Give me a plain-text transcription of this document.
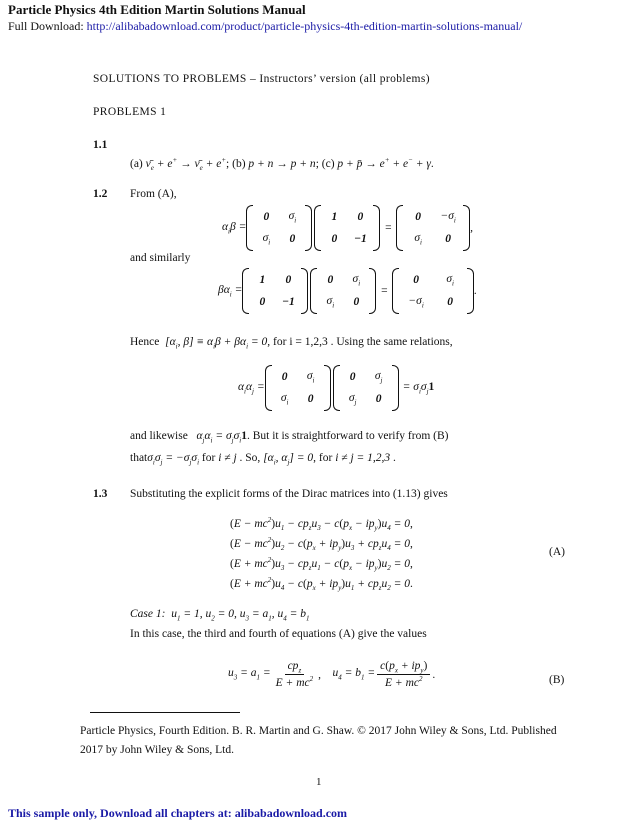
Particle Physics 4th Edition Martin Solutions Manual
Full Download: http://alibabadownload.com/product/particle-physics-4th-edition-martin-solutions-manual/
SOLUTIONS TO PROBLEMS – Instructors’ version (all problems)
PROBLEMS 1
1.1
(a) $\nū_e + e^+$ → $\nū_e + e^+$; (b) p + n → p + n; (c) p + p̄ → e+ + e− + γ.
1.2 From (A),
$\alpha_i\beta$ =
0	$\sigma_i$
$\sigma_i$	0
1	0
0	−1
=
0	$-\sigma_i$
$\sigma_i$	0
,
and similarly
$\beta\alpha_i$ =
1	0
0	−1
0	$\sigma_i$
$\sigma_i$	0
=
0	$\sigma_i$
$-\sigma_i$	0
.
Hence  [$\alpha_i$, $\beta] \equiv \alpha_i\beta + \beta\alpha_i = 0$, for i = 1,2,3 . Using the same relations,
$\alpha_i\alpha_j$ =
0	$\sigma_i$
$\sigma_i$	0
0	$\sigma_j$
$\sigma_j$	0
= $\sigma_i\sigma_j1$
and likewise   $\alpha_j\alpha_i = \sigma_j\sigma_i1$. But it is straightforward to verify from (B)
$that\sigma_i\sigma_j = -\sigma_j\sigma_i$ for i ≠ j . So, [$\alpha_i$, $\alpha_j] = 0$, for i ≠ j = 1,2,3 .
1.3 Substituting the explicit forms of the Dirac matrices into (1.13) gives
$(E - mc^2)u_1 - cp_zu_3 - c(p_x - ip_y)u_4 = 0$,
$(E - mc^2)u_2 - c(p_x + ip_y)u_3 + cp_zu_4 = 0$,
$(E + mc^2)u_3 - cp_zu_1 - c(p_x - ip_y)u_2 = 0$,
$(E + mc^2)u_4 - c(p_x + ip_y)u_1 + cp_zu_2 = 0$.
(A)
Case 1:  $u_1 = 1$, $u_2 = 0$, $u_3 = a_1$, $u_4 = b_1$
In this case, the third and fourth of equations (A) give the values
$u_3 = a_1 = \frac{cp_z}{E + mc^2}$ , $u_4 = b_1 = \frac{c(p_x + ip_y)}{E + mc^2}$ .	(B)
Particle Physics, Fourth Edition. B. R. Martin and G. Shaw. © 2017 John Wiley & Sons, Ltd. Published 2017 by John Wiley & Sons, Ltd.
1
This sample only, Download all chapters at: alibabadownload.com
